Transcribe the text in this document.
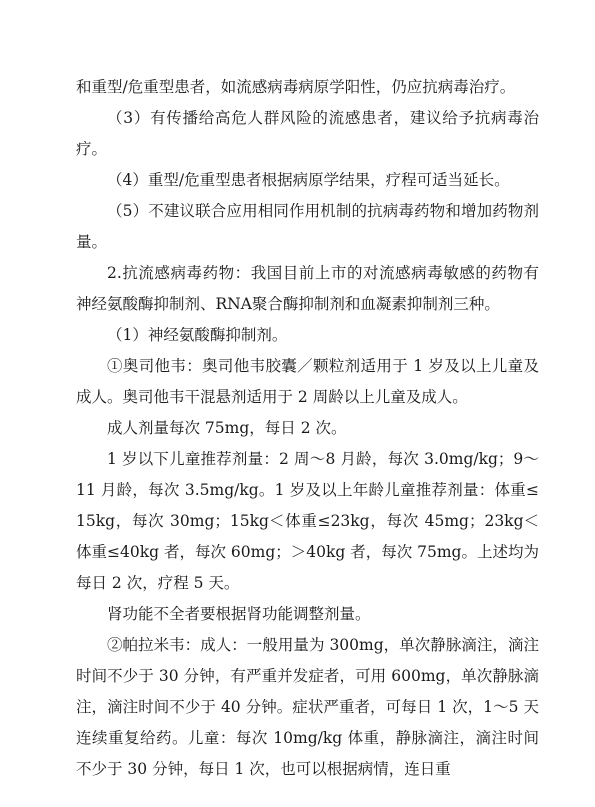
和重型/危重型患者，如流感病毒病原学阳性，仍应抗病毒治疗。

（3）有传播给高危人群风险的流感患者，建议给予抗病毒治疗。

（4）重型/危重型患者根据病原学结果，疗程可适当延长。

（5）不建议联合应用相同作用机制的抗病毒药物和增加药物剂量。

2.抗流感病毒药物：我国目前上市的对流感病毒敏感的药物有神经氨酸酶抑制剂、RNA聚合酶抑制剂和血凝素抑制剂三种。

（1）神经氨酸酶抑制剂。

①奥司他韦：奥司他韦胶囊／颗粒剂适用于 1 岁及以上儿童及成人。奥司他韦干混悬剂适用于 2 周龄以上儿童及成人。

成人剂量每次 75mg，每日 2 次。

1 岁以下儿童推荐剂量：2 周～8 月龄，每次 3.0mg/kg；9～11 月龄，每次 3.5mg/kg。1 岁及以上年龄儿童推荐剂量：体重≤15kg，每次 30mg；15kg＜体重≤23kg，每次 45mg；23kg＜体重≤40kg 者，每次 60mg；＞40kg 者，每次 75mg。上述均为每日 2 次，疗程 5 天。

肾功能不全者要根据肾功能调整剂量。

②帕拉米韦：成人：一般用量为 300mg，单次静脉滴注，滴注时间不少于 30 分钟，有严重并发症者，可用 600mg，单次静脉滴注，滴注时间不少于 40 分钟。症状严重者，可每日 1 次，1～5 天连续重复给药。儿童：每次 10mg/kg 体重，静脉滴注，滴注时间不少于 30 分钟，每日 1 次，也可以根据病情，连日重
